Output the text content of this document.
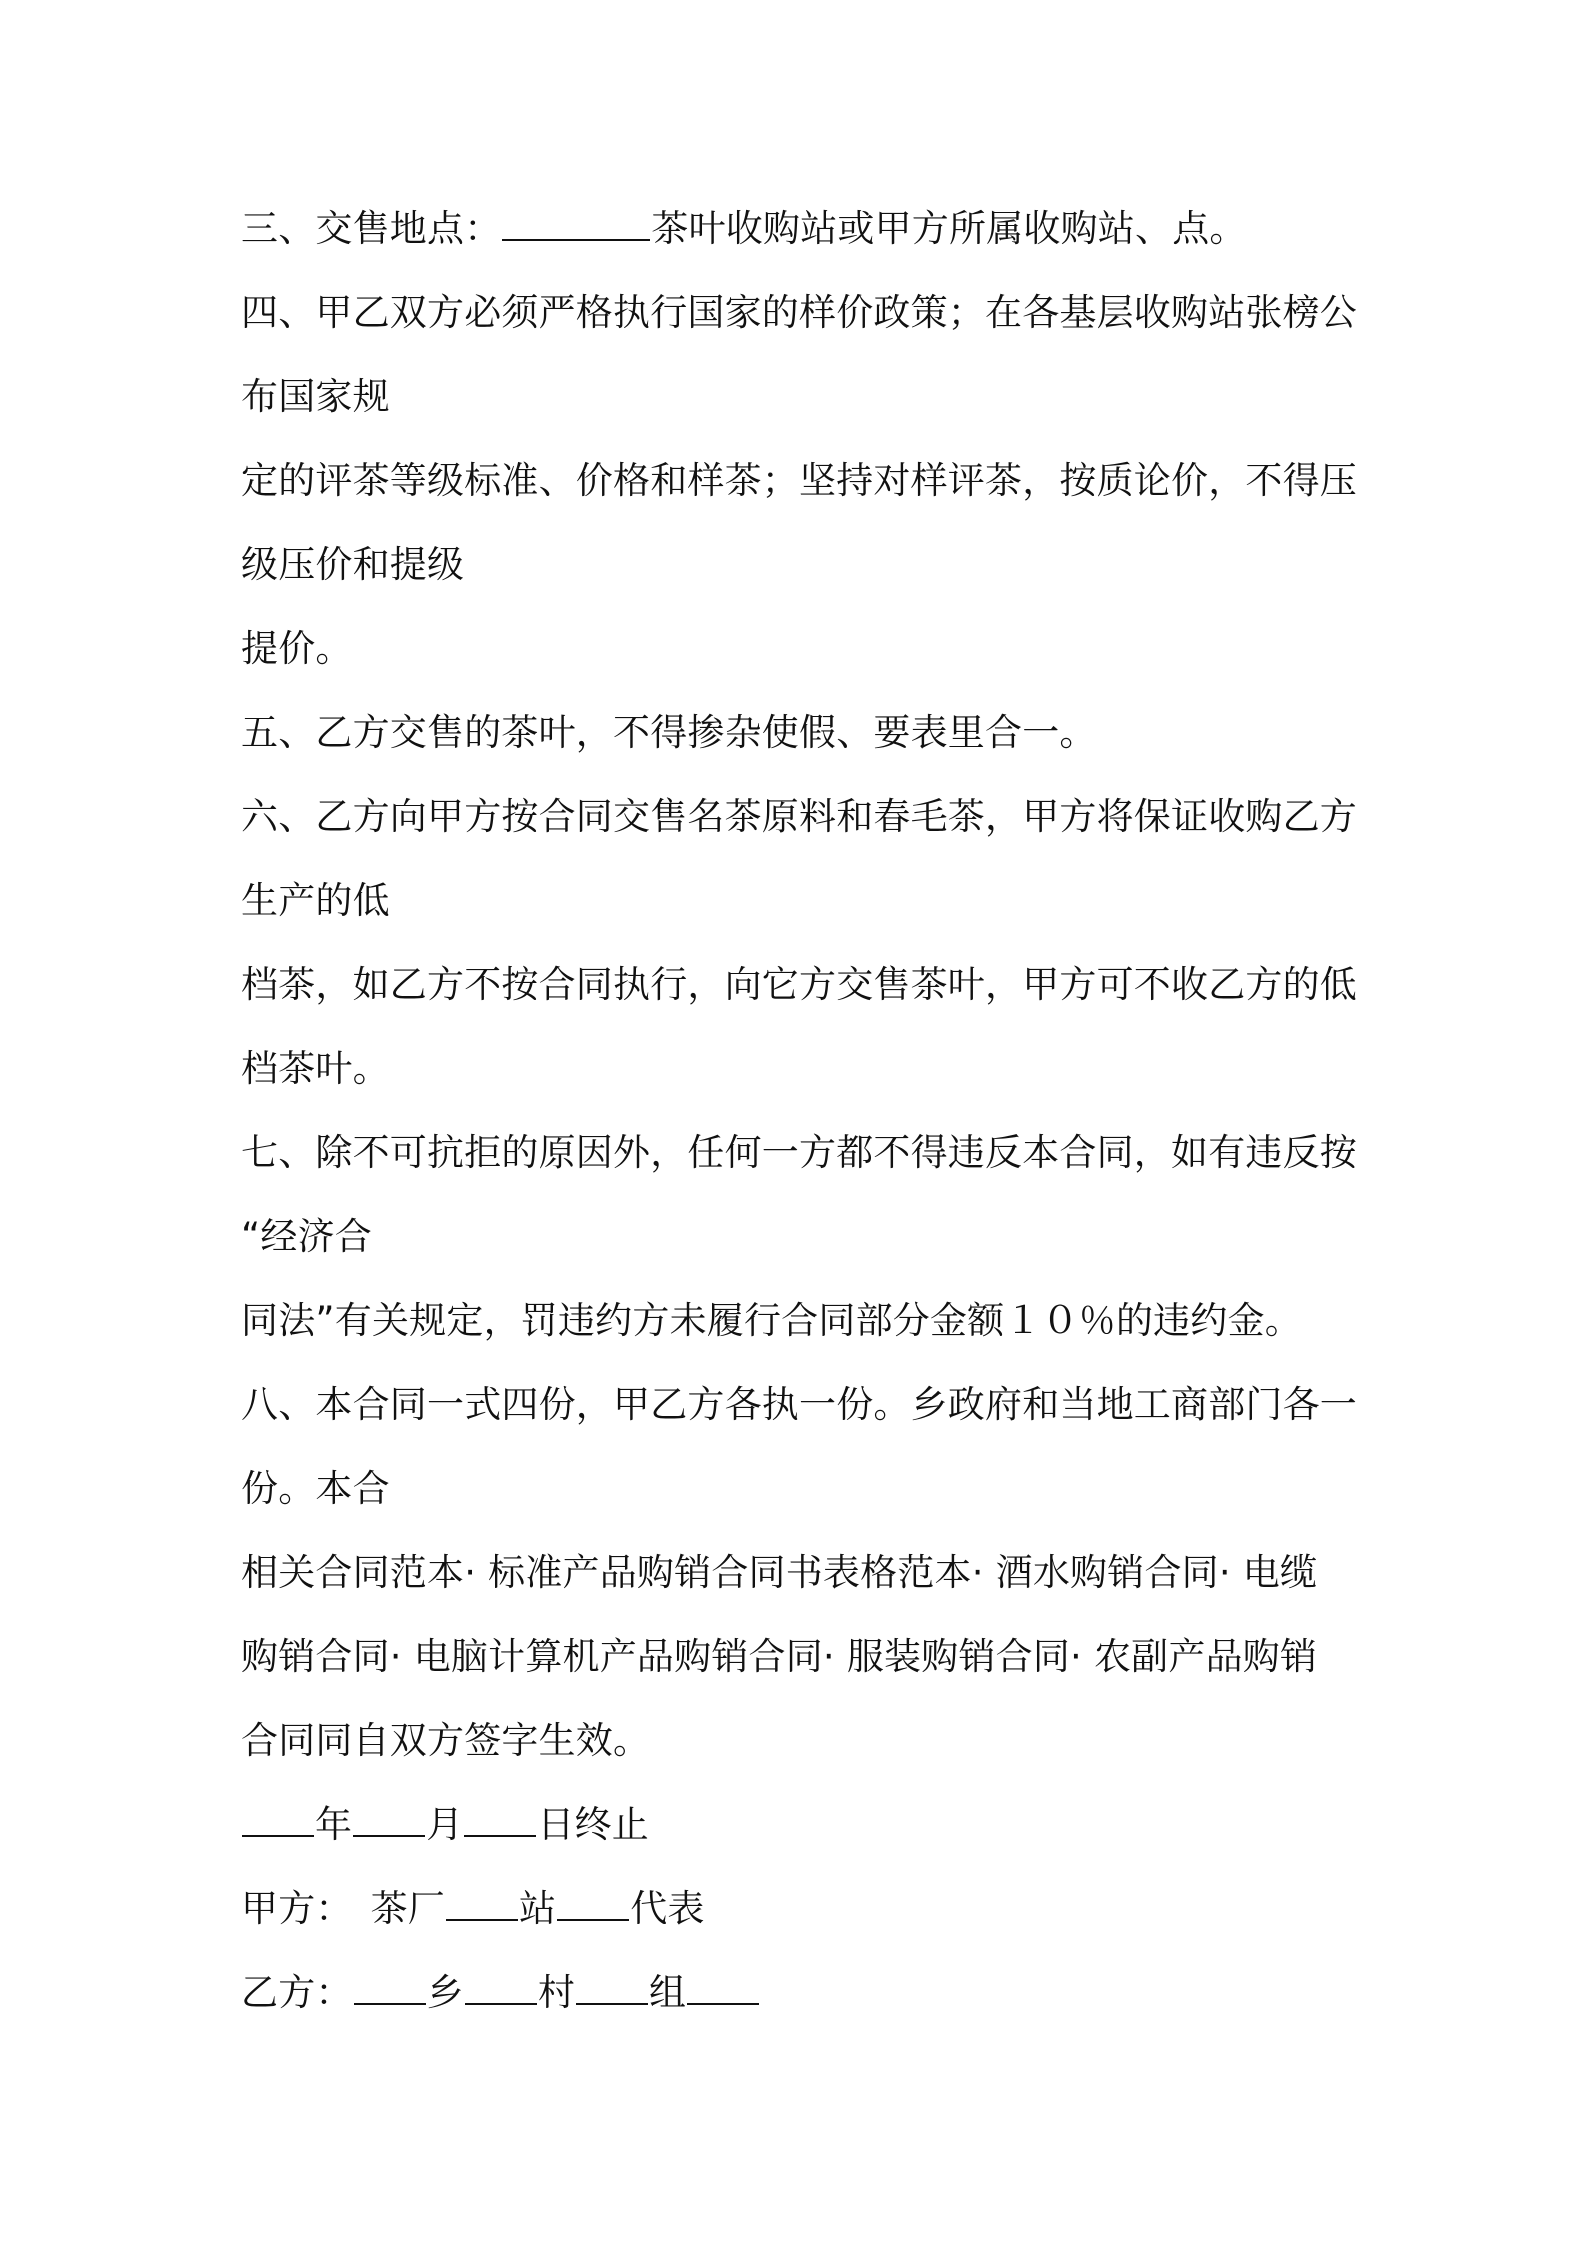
三、交售地点：	茶叶收购站或甲方所属收购站、点。
四、甲乙双方必须严格执行国家的样价政策；在各基层收购站张榜公
布国家规
定的评茶等级标准、价格和样茶；坚持对样评茶，按质论价，不得压
级压价和提级
提价。
五、乙方交售的茶叶，不得掺杂使假、要表里合一。
六、乙方向甲方按合同交售名茶原料和春毛茶，甲方将保证收购乙方
生产的低
档茶，如乙方不按合同执行，向它方交售茶叶，甲方可不收乙方的低
档茶叶。
七、除不可抗拒的原因外，任何一方都不得违反本合同，如有违反按
“经济合
同法”有关规定，罚违约方未履行合同部分金额１０％的违约金。
八、本合同一式四份，甲乙方各执一份。乡政府和当地工商部门各一
份。本合
相关合同范本· 标准产品购销合同书表格范本· 酒水购销合同· 电缆
购销合同· 电脑计算机产品购销合同· 服装购销合同· 农副产品购销
合同同自双方签字生效。
年 月 日终止
甲方： 茶厂 站 代表
乙方： 乡 村 组
